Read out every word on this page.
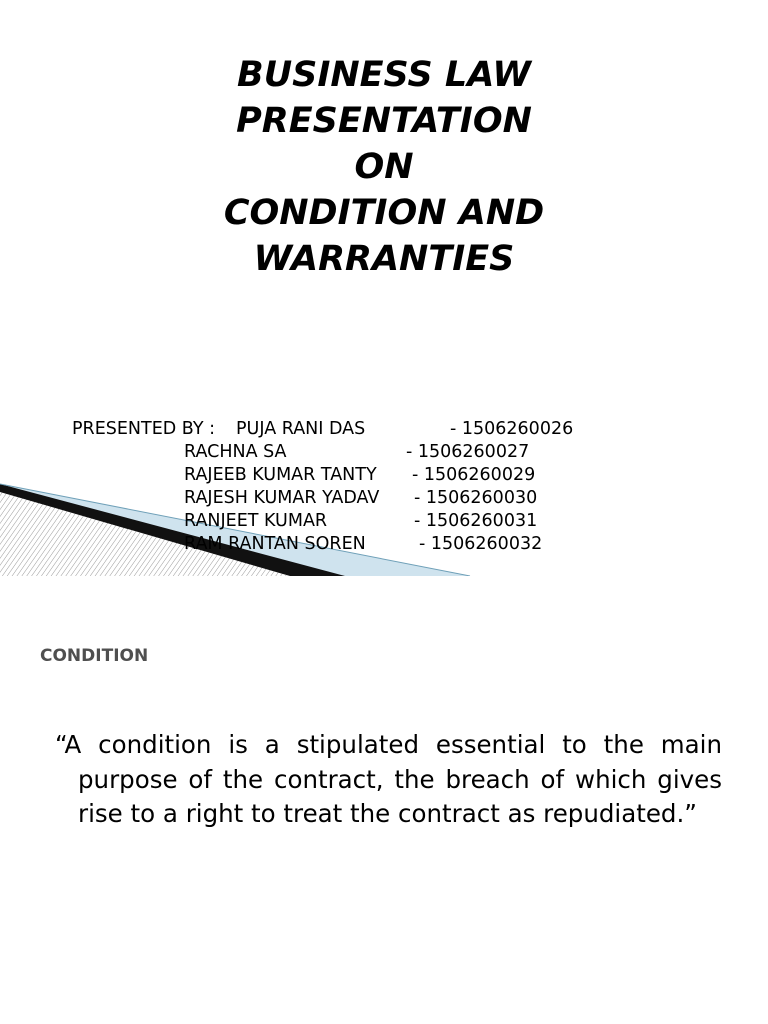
BUSINESS LAW
PRESENTATION
ON
CONDITION AND
WARRANTIES
PRESENTED BY : PUJA RANI DAS	- 1506260026
RACHNA SA	- 1506260027
RAJEEB KUMAR TANTY - 1506260029
RAJESH KUMAR YADAV - 1506260030
RANJEET KUMAR	- 1506260031
RAM RANTAN SOREN	- 1506260032
CONDITION
“A condition is a stipulated essential to the main purpose of the contract, the breach of which gives rise to a right to treat the contract as repudiated.”
